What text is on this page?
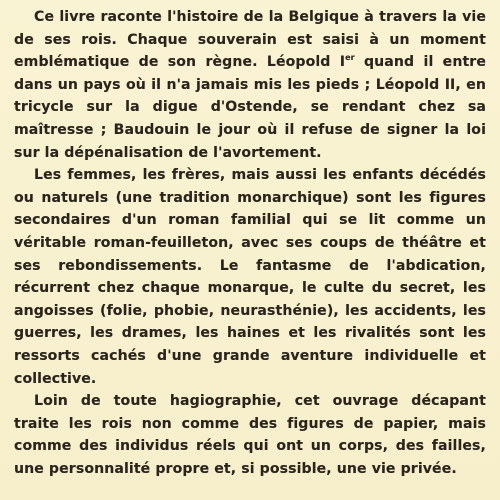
Ce livre raconte l'histoire de la Belgique à travers la vie de ses rois. Chaque souverain est saisi à un moment emblématique de son règne. Léopold Ier quand il entre dans un pays où il n'a jamais mis les pieds ; Léopold II, en tricycle sur la digue d'Ostende, se rendant chez sa maîtresse ; Baudouin le jour où il refuse de signer la loi sur la dépénalisation de l'avortement.

Les femmes, les frères, mais aussi les enfants décédés ou naturels (une tradition monarchique) sont les figures secondaires d'un roman familial qui se lit comme un véritable roman-feuilleton, avec ses coups de théâtre et ses rebondissements. Le fantasme de l'abdication, récurrent chez chaque monarque, le culte du secret, les angoisses (folie, phobie, neurasthénie), les accidents, les guerres, les drames, les haines et les rivalités sont les ressorts cachés d'une grande aventure individuelle et collective.

Loin de toute hagiographie, cet ouvrage décapant traite les rois non comme des figures de papier, mais comme des individus réels qui ont un corps, des failles, une personnalité propre et, si possible, une vie privée.
